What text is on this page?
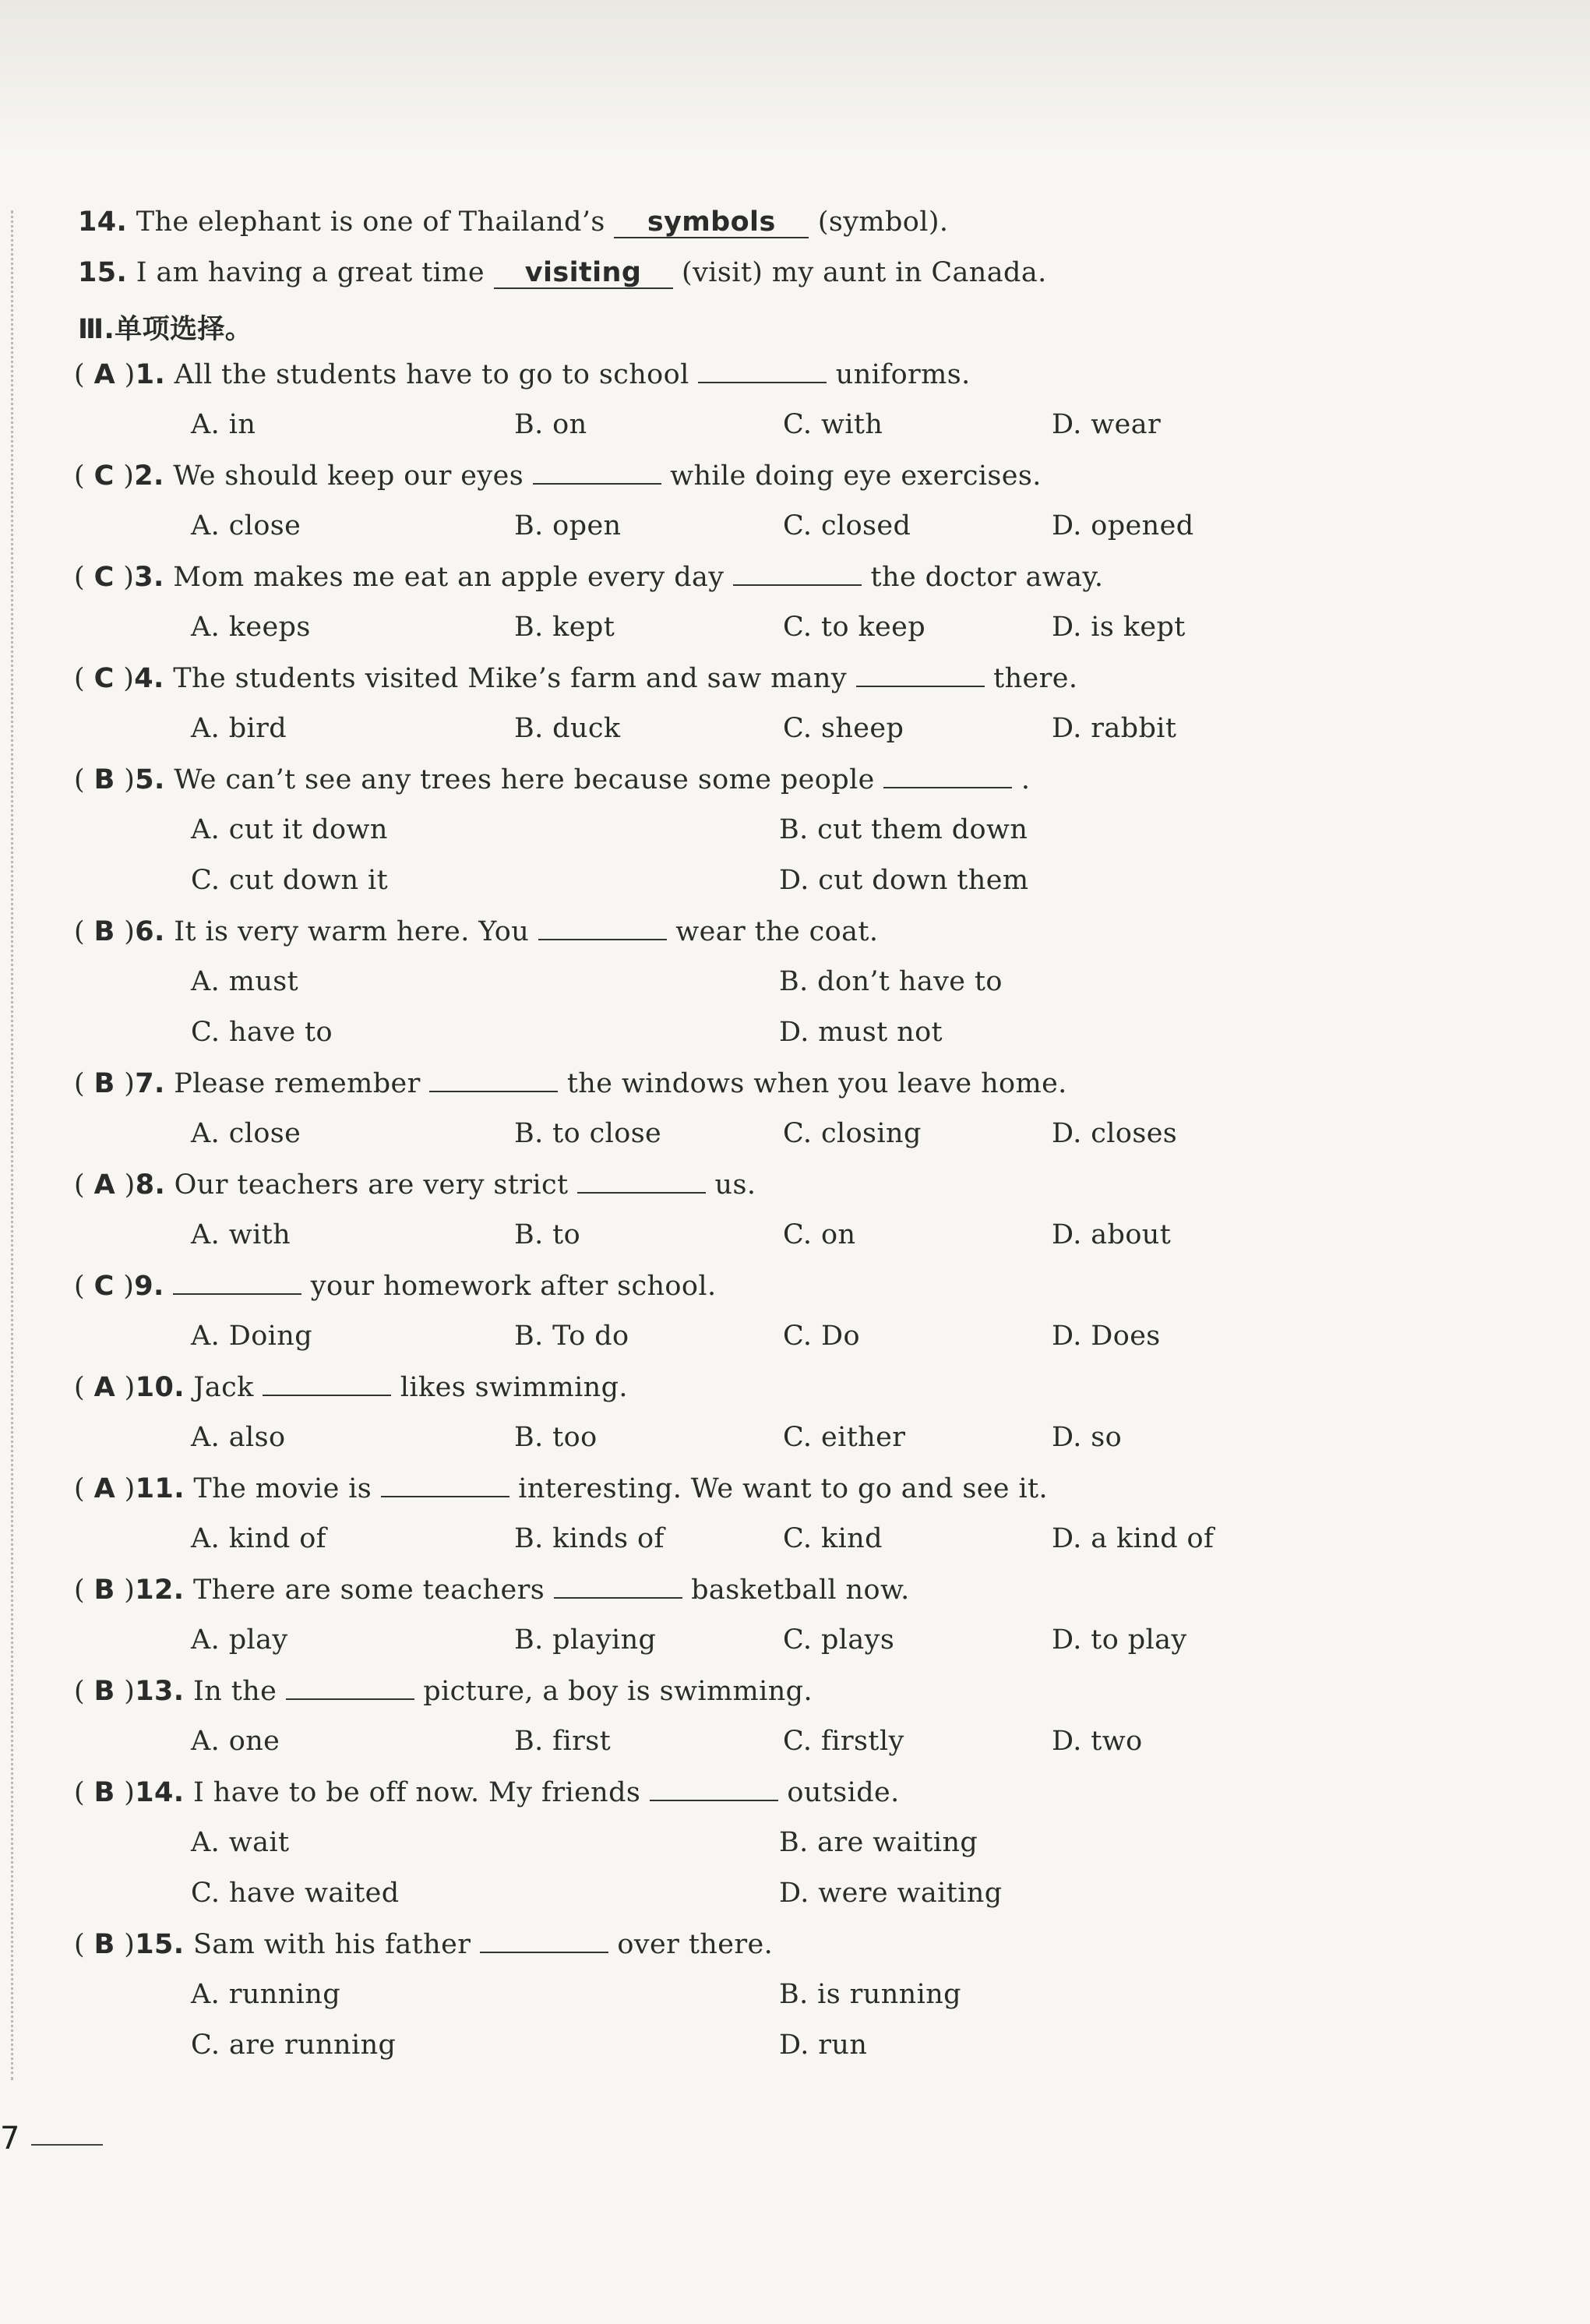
14. The elephant is one of Thailand’s symbols (symbol).
15. I am having a great time visiting (visit) my aunt in Canada.
Ⅲ.单项选择。
( A )1. All the students have to go to school	uniforms.
A. in	B. on	C. with	D. wear
( C )2. We should keep our eyes	while doing eye exercises.
A. close	B. open	C. closed	D. opened
( C )3. Mom makes me eat an apple every day	the doctor away.
A. keeps	B. kept	C. to keep	D. is kept
( C )4. The students visited Mike’s farm and saw many	there.
A. bird	B. duck	C. sheep	D. rabbit
( B )5. We can’t see any trees here because some people	.
A. cut it down	B. cut them down
C. cut down it	D. cut down them
( B )6. It is very warm here. You	wear the coat.
A. must	B. don’t have to
C. have to	D. must not
( B )7. Please remember	the windows when you leave home.
A. close	B. to close	C. closing	D. closes
( A )8. Our teachers are very strict	us.
A. with	B. to	C. on	D. about
( C )9.	your homework after school.
A. Doing	B. To do	C. Do	D. Does
( A )10. Jack	likes swimming.
A. also	B. too	C. either	D. so
( A )11. The movie is	interesting. We want to go and see it.
A. kind of	B. kinds of	C. kind	D. a kind of
( B )12. There are some teachers	basketball now.
A. play	B. playing	C. plays	D. to play
( B )13. In the	picture, a boy is swimming.
A. one	B. first	C. firstly	D. two
( B )14. I have to be off now. My friends	outside.
A. wait	B. are waiting
C. have waited	D. were waiting
( B )15. Sam with his father	over there.
A. running	B. is running
C. are running	D. run
7
